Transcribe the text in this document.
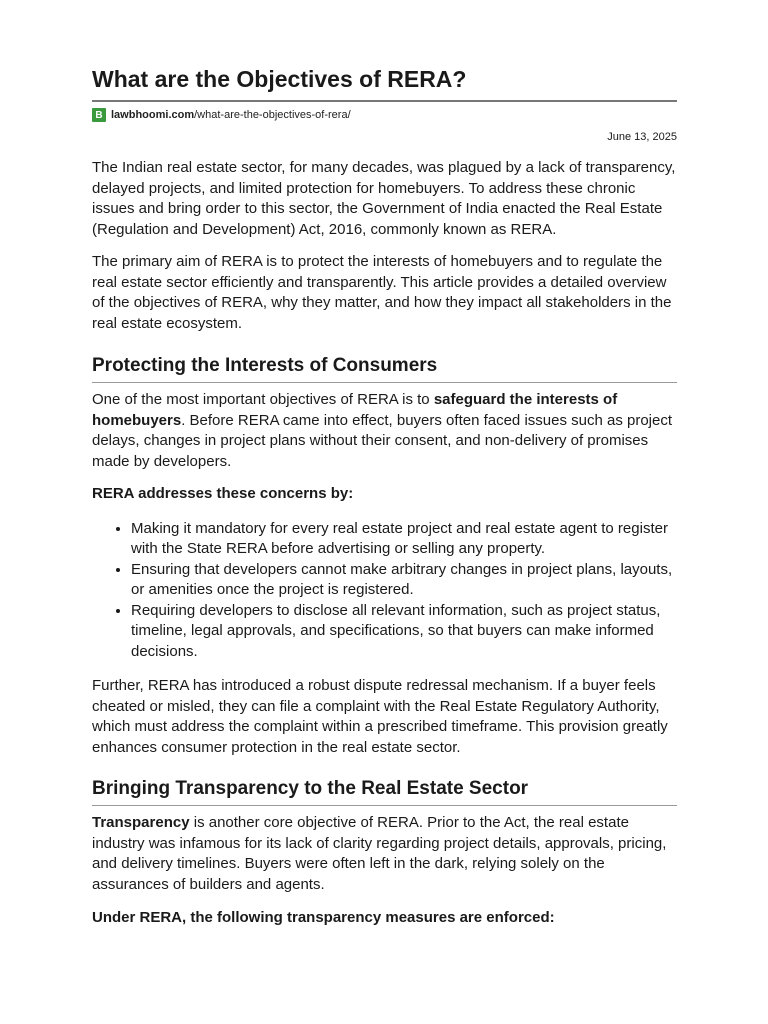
What are the Objectives of RERA?
B lawbhoomi.com /what-are-the-objectives-of-rera/
June 13, 2025

The Indian real estate sector, for many decades, was plagued by a lack of transparency, delayed projects, and limited protection for homebuyers. To address these chronic issues and bring order to this sector, the Government of India enacted the Real Estate (Regulation and Development) Act, 2016, commonly known as RERA.

The primary aim of RERA is to protect the interests of homebuyers and to regulate the real estate sector efficiently and transparently. This article provides a detailed overview of the objectives of RERA, why they matter, and how they impact all stakeholders in the real estate ecosystem.

Protecting the Interests of Consumers

One of the most important objectives of RERA is to safeguard the interests of homebuyers. Before RERA came into effect, buyers often faced issues such as project delays, changes in project plans without their consent, and non-delivery of promises made by developers.

RERA addresses these concerns by:

• Making it mandatory for every real estate project and real estate agent to register with the State RERA before advertising or selling any property.
• Ensuring that developers cannot make arbitrary changes in project plans, layouts, or amenities once the project is registered.
• Requiring developers to disclose all relevant information, such as project status, timeline, legal approvals, and specifications, so that buyers can make informed decisions.

Further, RERA has introduced a robust dispute redressal mechanism. If a buyer feels cheated or misled, they can file a complaint with the Real Estate Regulatory Authority, which must address the complaint within a prescribed timeframe. This provision greatly enhances consumer protection in the real estate sector.

Bringing Transparency to the Real Estate Sector

Transparency is another core objective of RERA. Prior to the Act, the real estate industry was infamous for its lack of clarity regarding project details, approvals, pricing, and delivery timelines. Buyers were often left in the dark, relying solely on the assurances of builders and agents.

Under RERA, the following transparency measures are enforced:
